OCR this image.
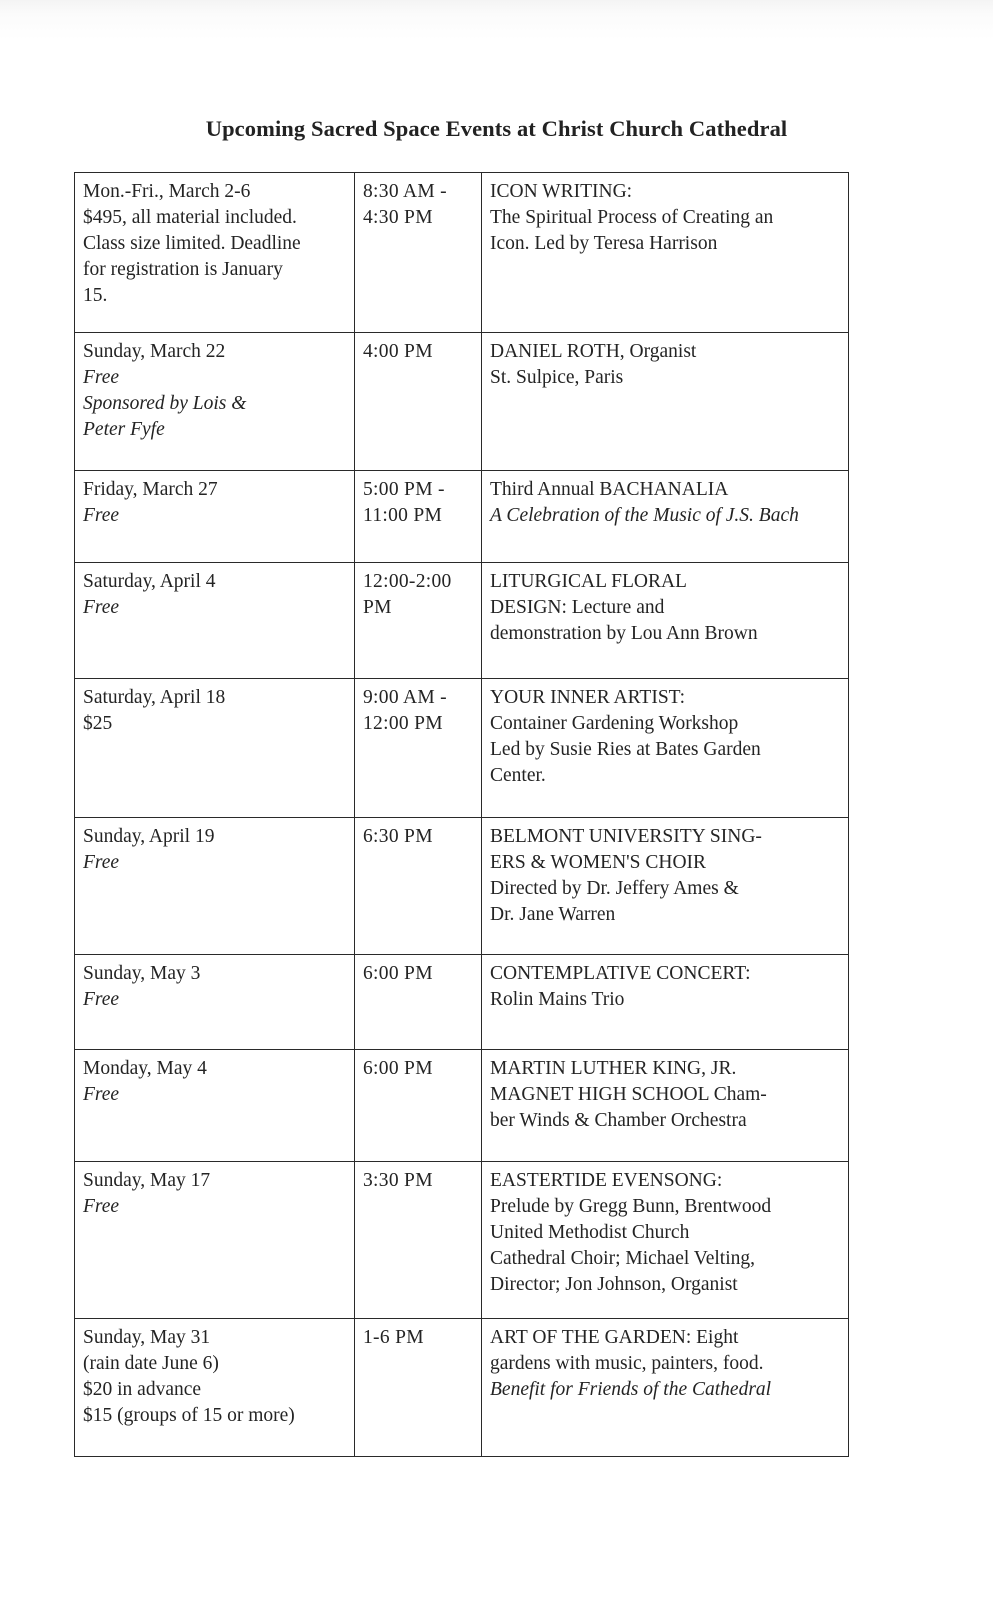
Upcoming Sacred Space Events at Christ Church Cathedral
Mon.-Fri., March 2-6
$495, all material included.
Class size limited. Deadline
for registration is January
15.	8:30 AM -
4:30 PM	ICON WRITING:
The Spiritual Process of Creating an
Icon. Led by Teresa Harrison

Sunday, March 22
Free
Sponsored by Lois &
Peter Fyfe	4:00 PM	DANIEL ROTH, Organist
St. Sulpice, Paris

Friday, March 27
Free	5:00 PM -
11:00 PM	Third Annual BACHANALIA
A Celebration of the Music of J.S. Bach

Saturday, April 4
Free	12:00-2:00
PM	LITURGICAL FLORAL
DESIGN: Lecture and
demonstration by Lou Ann Brown

Saturday, April 18
$25	9:00 AM -
12:00 PM	YOUR INNER ARTIST:
Container Gardening Workshop
Led by Susie Ries at Bates Garden
Center.

Sunday, April 19
Free	6:30 PM	BELMONT UNIVERSITY SING-
ERS & WOMEN'S CHOIR
Directed by Dr. Jeffery Ames &
Dr. Jane Warren

Sunday, May 3
Free	6:00 PM	CONTEMPLATIVE CONCERT:
Rolin Mains Trio

Monday, May 4
Free	6:00 PM	MARTIN LUTHER KING, JR.
MAGNET HIGH SCHOOL Cham-
ber Winds & Chamber Orchestra

Sunday, May 17
Free	3:30 PM	EASTERTIDE EVENSONG:
Prelude by Gregg Bunn, Brentwood
United Methodist Church
Cathedral Choir; Michael Velting,
Director; Jon Johnson, Organist

Sunday, May 31
(rain date June 6)
$20 in advance
$15 (groups of 15 or more)	1-6 PM	ART OF THE GARDEN: Eight
gardens with music, painters, food.
Benefit for Friends of the Cathedral
